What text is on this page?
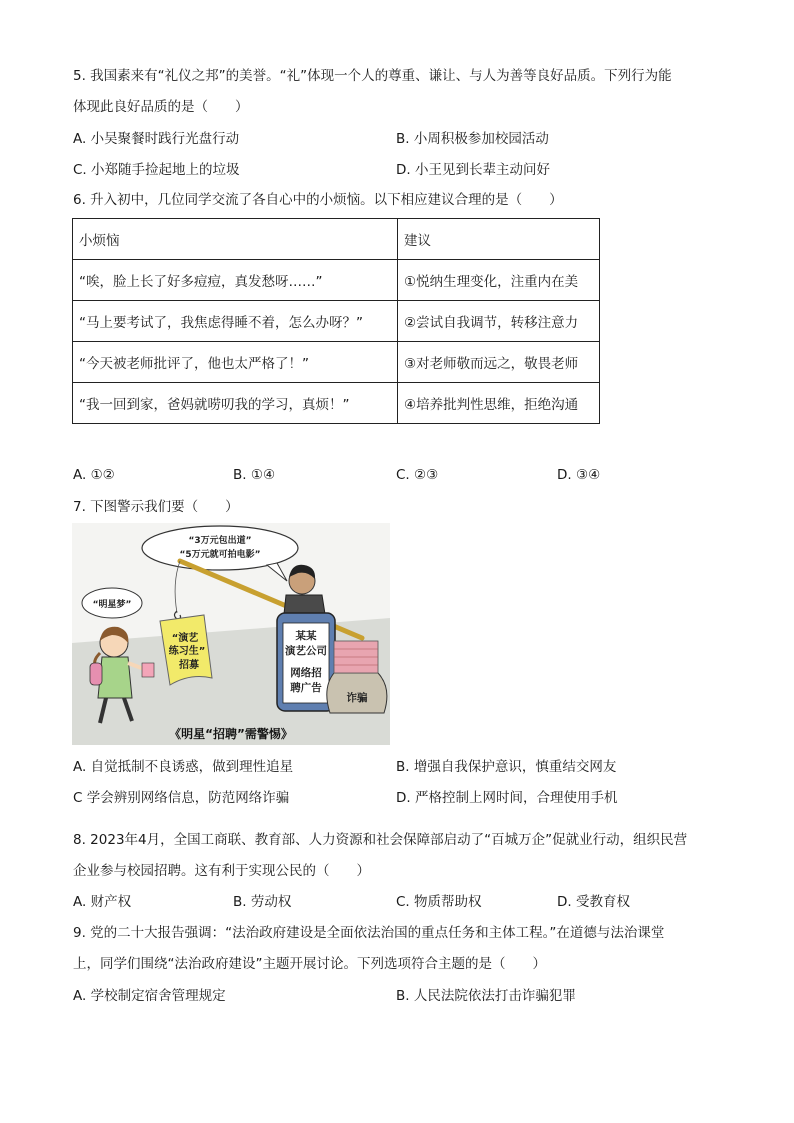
5. 我国素来有“礼仪之邦”的美誉。“礼”体现一个人的尊重、谦让、与人为善等良好品质。下列行为能
体现此良好品质的是（　　）
A. 小吴聚餐时践行光盘行动	B. 小周积极参加校园活动
C. 小郑随手捡起地上的垃圾	D. 小王见到长辈主动问好
6. 升入初中，几位同学交流了各自心中的小烦恼。以下相应建议合理的是（　　）
小烦恼	建议
“唉，脸上长了好多痘痘，真发愁呀……”	①悦纳生理变化，注重内在美
“马上要考试了，我焦虑得睡不着，怎么办呀？”	②尝试自我调节，转移注意力
“今天被老师批评了，他也太严格了！”	③对老师敬而远之，敬畏老师
“我一回到家，爸妈就唠叨我的学习，真烦！”	④培养批判性思维，拒绝沟通
A. ①②	B. ①④	C. ②③	D. ③④
7. 下图警示我们要（　　）
“3万元包出道”
“5万元就可拍电影”
“演艺
练习生”
招募
“明星梦”
某某
演艺公司
网络招
聘广告
诈骗
《明星“招聘”需警惕》
A. 自觉抵制不良诱惑，做到理性追星	B. 增强自我保护意识，慎重结交网友
C 学会辨别网络信息，防范网络诈骗	D. 严格控制上网时间，合理使用手机
8. 2023年4月，全国工商联、教育部、人力资源和社会保障部启动了“百城万企”促就业行动，组织民营
企业参与校园招聘。这有利于实现公民的（　　）
A. 财产权	B. 劳动权	C. 物质帮助权	D. 受教育权
9. 党的二十大报告强调：“法治政府建设是全面依法治国的重点任务和主体工程。”在道德与法治课堂
上，同学们围绕“法治政府建设”主题开展讨论。下列选项符合主题的是（　　）
A. 学校制定宿舍管理规定	B. 人民法院依法打击诈骗犯罪
